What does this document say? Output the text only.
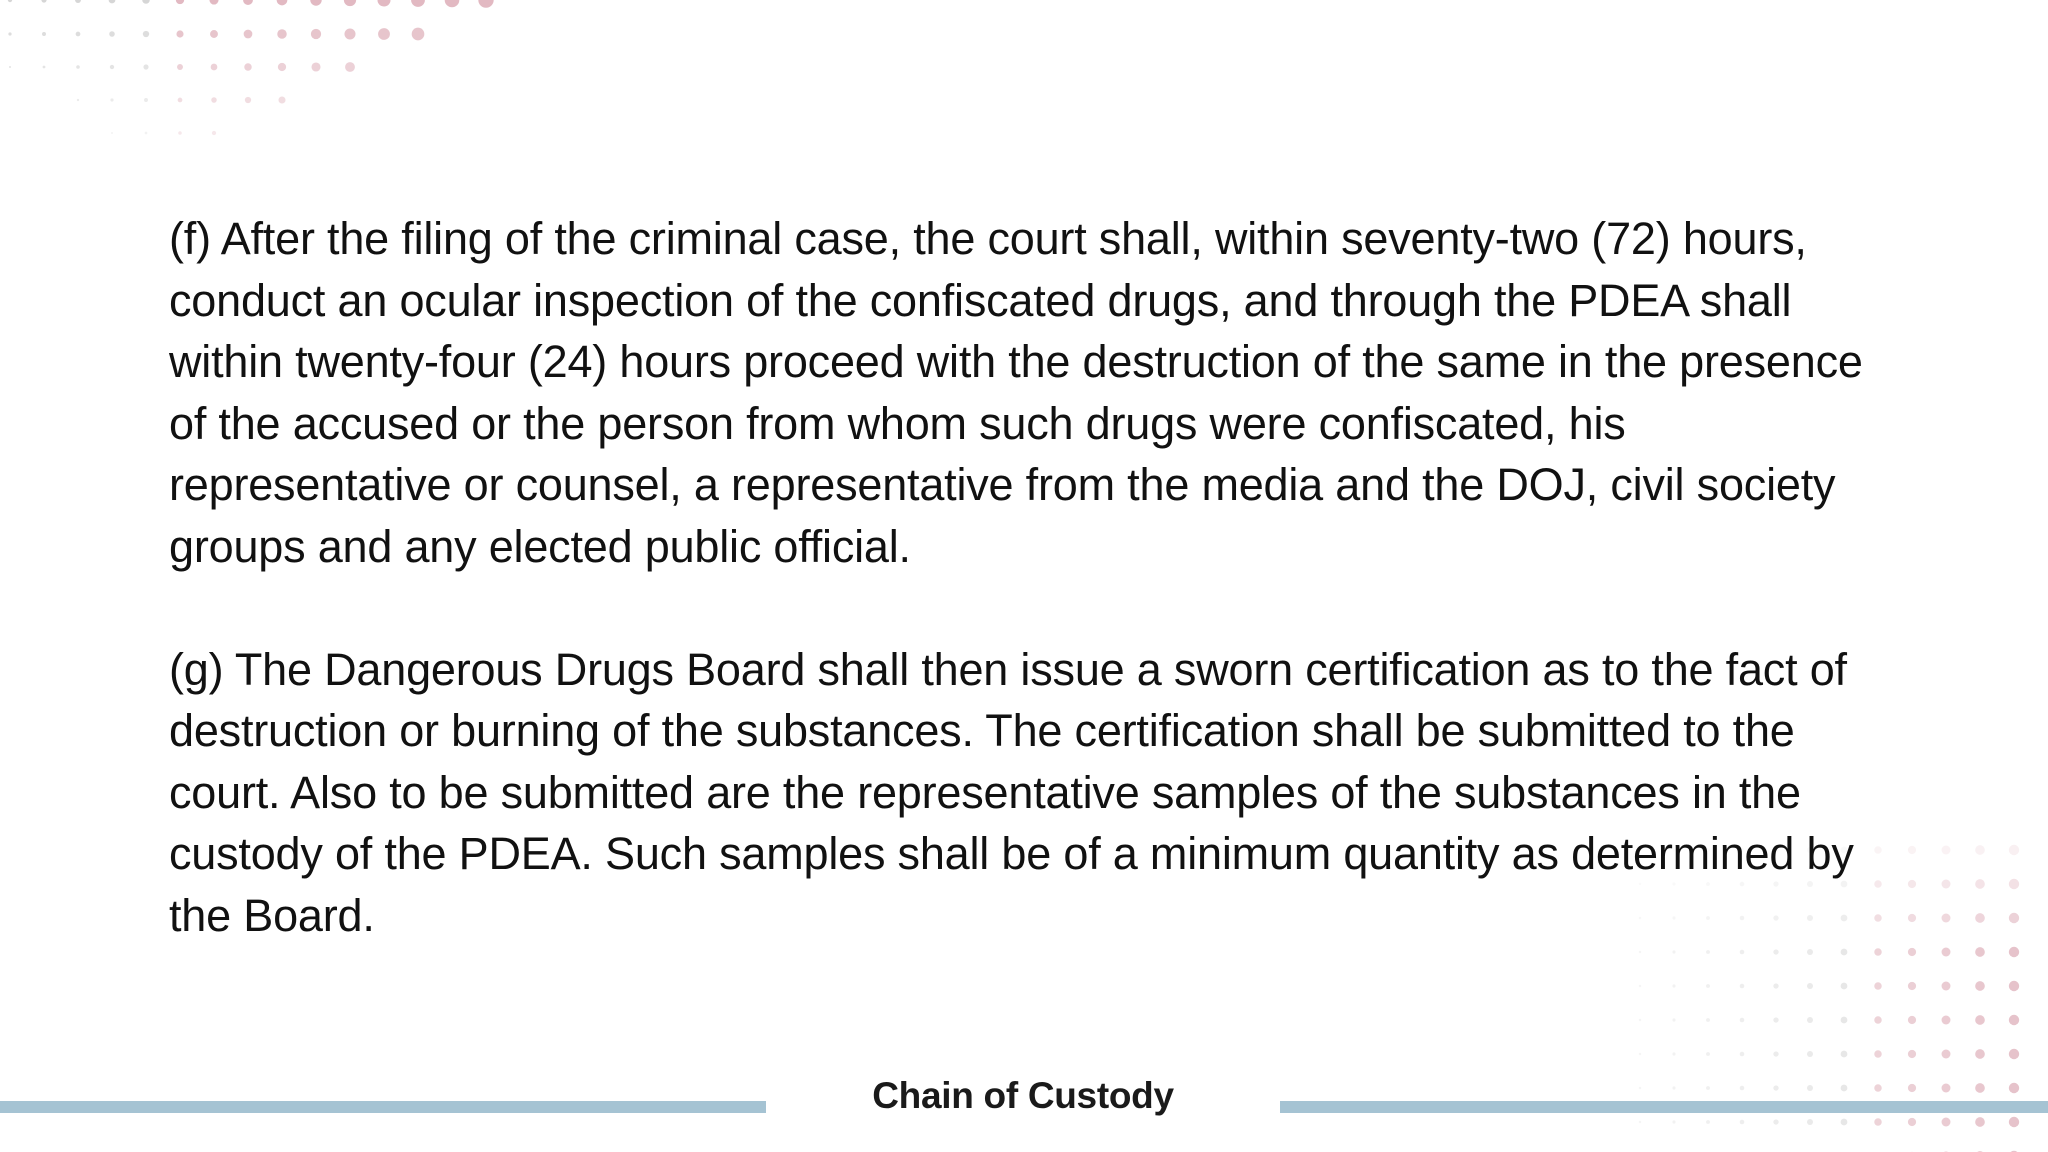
(f) After the filing of the criminal case, the court shall, within seventy-two (72) hours, conduct an ocular inspection of the confiscated drugs, and through the PDEA shall within twenty-four (24) hours proceed with the destruction of the same in the presence of the accused or the person from whom such drugs were confiscated, his representative or counsel, a representative from the media and the DOJ, civil society groups and any elected public official.

(g) The Dangerous Drugs Board shall then issue a sworn certification as to the fact of destruction or burning of the substances. The certification shall be submitted to the court. Also to be submitted are the representative samples of the substances in the custody of the PDEA. Such samples shall be of a minimum quantity as determined by the Board.

Chain of Custody
